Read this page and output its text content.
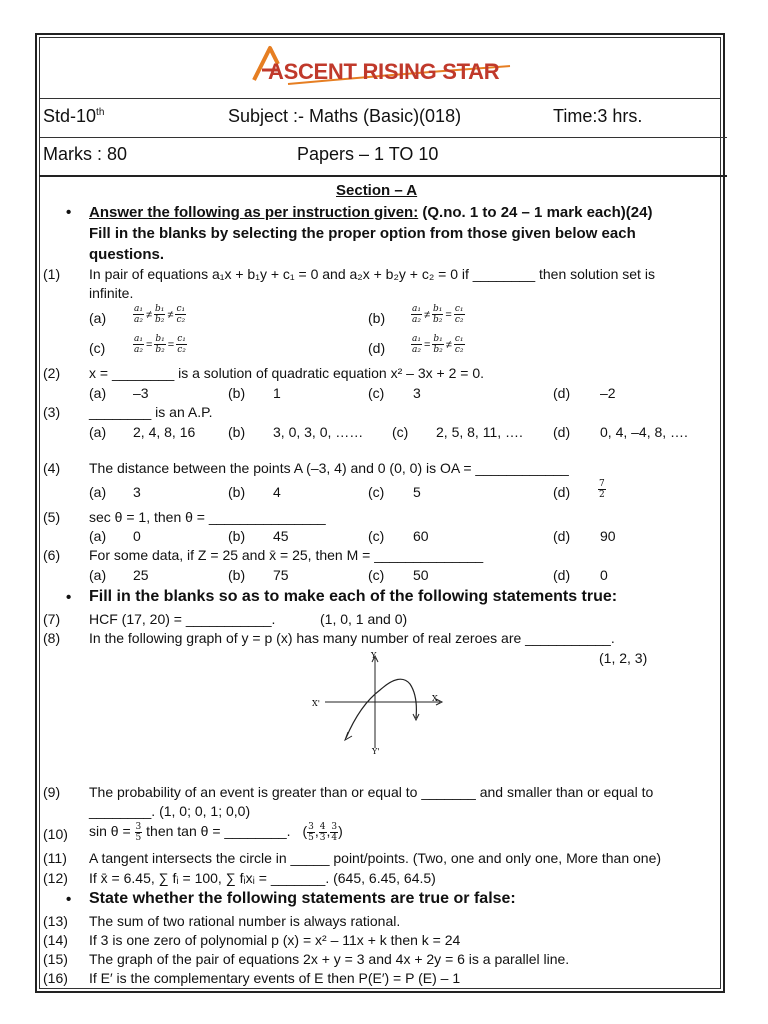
ASCENT RISING STAR
Std-10th	Subject :- Maths (Basic)(018)	Time:3 hrs.
Marks : 80	Papers – 1 TO 10
Section – A
• Answer the following as per instruction given: (Q.no. 1 to 24 – 1 mark each)(24)
Fill in the blanks by selecting the proper option from those given below each
questions.
(1) In pair of equations a₁x + b₁y + c₁ = 0 and a₂x + b₂y + c₂ = 0 if ________ then solution set is
infinite.
(a)	$\frac{\text{a₁}}{\text{a₂}} \ne \frac{\text{b₁}}{\text{b₂}} \ne \frac{\text{c₁}}{\text{c₂}}$	(b)	$\frac{\text{a₁}}{\text{a₂}} \ne \frac{\text{b₁}}{\text{b₂}} = \frac{\text{c₁}}{\text{c₂}}$
(c)	$\frac{\text{a₁}}{\text{a₂}} = \frac{\text{b₁}}{\text{b₂}} = \frac{\text{c₁}}{\text{c₂}}$	(d)	$\frac{\text{a₁}}{\text{a₂}} = \frac{\text{b₁}}{\text{b₂}} \ne \frac{\text{c₁}}{\text{c₂}}$
(2) x = ________ is a solution of quadratic equation x² – 3x + 2 = 0.
(a) –3	(b) 1	(c) 3	(d) –2
(3) ________ is an A.P.
(a) 2, 4, 8, 16 (b) 3, 0, 3, 0, …… (c) 2, 5, 8, 11, …. (d) 0, 4, –4, 8, ….
(4) The distance between the points A (–3, 4) and 0 (0, 0) is OA = ____________
(a) 3	(b) 4	(c) 5	(d)	$\frac{7}{2}$
(5) sec θ = 1, then θ = _______________
(a) 0	(b) 45	(c) 60	(d) 90
(6) For some data, if Z = 25 and x̄ = 25, then M = ______________
(a) 25	(b) 75	(c) 50	(d) 0
• Fill in the blanks so as to make each of the following statements true:
(7) HCF (17, 20) = ___________.	(1, 0, 1 and 0)
(8) In the following graph of y = p (x) has many number of real zeroes are ___________.
(1, 2, 3)
Y
X
X'
Y'
(9) The probability of an event is greater than or equal to _______ and smaller than or equal to
________. (1, 0; 0, 1; 0,0)
(10) $\sin \theta = \frac{3}{5}$ then tan θ = ________. ( $\frac{3}{5}$ , $\frac{4}{3}$ , $\frac{3}{4}$ )
(11) A tangent intersects the circle in _____ point/points. (Two, one and only one, More than one)
(12) If x̄ = 6.45, ∑ fᵢ = 100, ∑ fᵢxᵢ = _______. (645, 6.45, 64.5)
• State whether the following statements are true or false:
(13) The sum of two rational number is always rational.
(14) If 3 is one zero of polynomial p (x) = x² – 11x + k then k = 24
(15) The graph of the pair of equations 2x + y = 3 and 4x + 2y = 6 is a parallel line.
(16) If E′ is the complementary events of E then P(E′) = P (E) – 1
